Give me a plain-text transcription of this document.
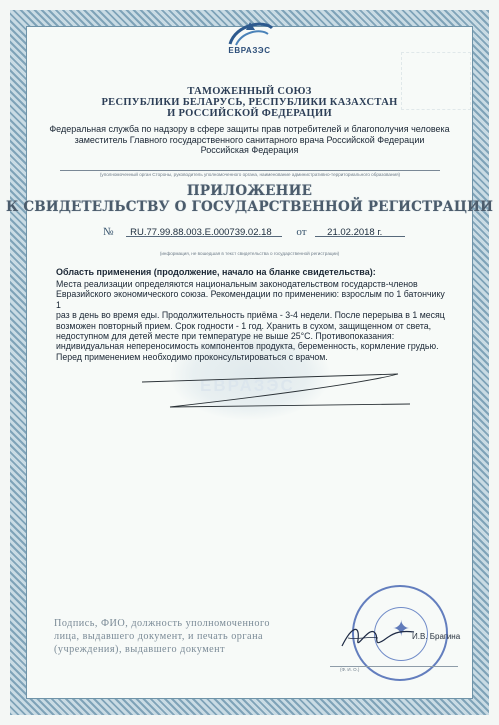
ЕВРАЗЭС
ЕВРАЗЭС
ТАМОЖЕННЫЙ СОЮЗ
РЕСПУБЛИКИ БЕЛАРУСЬ, РЕСПУБЛИКИ КАЗАХСТАН
И РОССИЙСКОЙ ФЕДЕРАЦИИ
Федеральная служба по надзору в сфере защиты прав потребителей и благополучия человека
заместитель Главного государственного санитарного врача Российской Федерации
Российская Федерация
(уполномоченный орган Стороны, руководитель уполномоченного органа, наименование административно-территориального образования)
ПРИЛОЖЕНИЕ
К СВИДЕТЕЛЬСТВУ О ГОСУДАРСТВЕННОЙ РЕГИСТРАЦИИ
№ RU.77.99.88.003.Е.000739.02.18 от 21.02.2018 г.
(информация, не вошедшая в текст свидетельства о государственной регистрации)
Область применения (продолжение, начало на бланке свидетельства):
Места реализации определяются национальным законодательством государств-членов
Евразийского экономического союза. Рекомендации по применению: взрослым по 1 батончику 1
раз в день во время еды. Продолжительность приёма - 3-4 недели. После перерыва в 1 месяц
возможен повторный прием. Срок годности - 1 год. Хранить в сухом, защищенном от света,
недоступном для детей месте при температуре не выше 25°С. Противопоказания:
индивидуальная непереносимость компонентов продукта, беременность, кормление грудью.
Перед применением необходимо проконсультироваться с врачом.
Подпись, ФИО, должность уполномоченного
лица, выдавшего документ, и печать органа
(учреждения), выдавшего документ
✦ И.В. Брагина
(Ф. И. О.)
